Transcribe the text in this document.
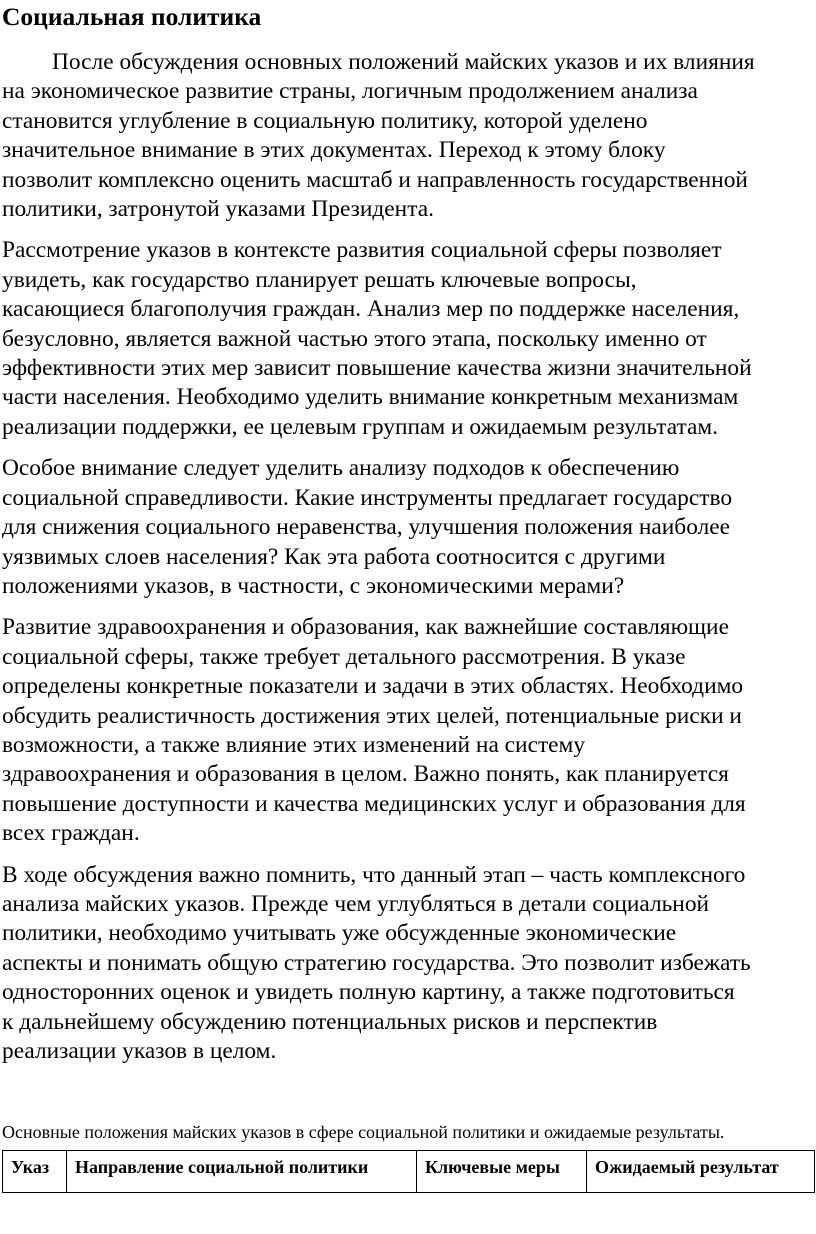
Социальная политика

После обсуждения основных положений майских указов и их влияния
на экономическое развитие страны, логичным продолжением анализа
становится углубление в социальную политику, которой уделено
значительное внимание в этих документах. Переход к этому блоку
позволит комплексно оценить масштаб и направленность государственной
политики, затронутой указами Президента.

Рассмотрение указов в контексте развития социальной сферы позволяет
увидеть, как государство планирует решать ключевые вопросы,
касающиеся благополучия граждан. Анализ мер по поддержке населения,
безусловно, является важной частью этого этапа, поскольку именно от
эффективности этих мер зависит повышение качества жизни значительной
части населения. Необходимо уделить внимание конкретным механизмам
реализации поддержки, ее целевым группам и ожидаемым результатам.

Особое внимание следует уделить анализу подходов к обеспечению
социальной справедливости. Какие инструменты предлагает государство
для снижения социального неравенства, улучшения положения наиболее
уязвимых слоев населения? Как эта работа соотносится с другими
положениями указов, в частности, с экономическими мерами?

Развитие здравоохранения и образования, как важнейшие составляющие
социальной сферы, также требует детального рассмотрения. В указе
определены конкретные показатели и задачи в этих областях. Необходимо
обсудить реалистичность достижения этих целей, потенциальные риски и
возможности, а также влияние этих изменений на систему
здравоохранения и образования в целом. Важно понять, как планируется
повышение доступности и качества медицинских услуг и образования для
всех граждан.

В ходе обсуждения важно помнить, что данный этап – часть комплексного
анализа майских указов. Прежде чем углубляться в детали социальной
политики, необходимо учитывать уже обсужденные экономические
аспекты и понимать общую стратегию государства. Это позволит избежать
односторонних оценок и увидеть полную картину, а также подготовиться
к дальнейшему обсуждению потенциальных рисков и перспектив
реализации указов в целом.

Основные положения майских указов в сфере социальной политики и ожидаемые результаты.
Указ	Направление социальной политики	Ключевые меры	Ожидаемый результат
